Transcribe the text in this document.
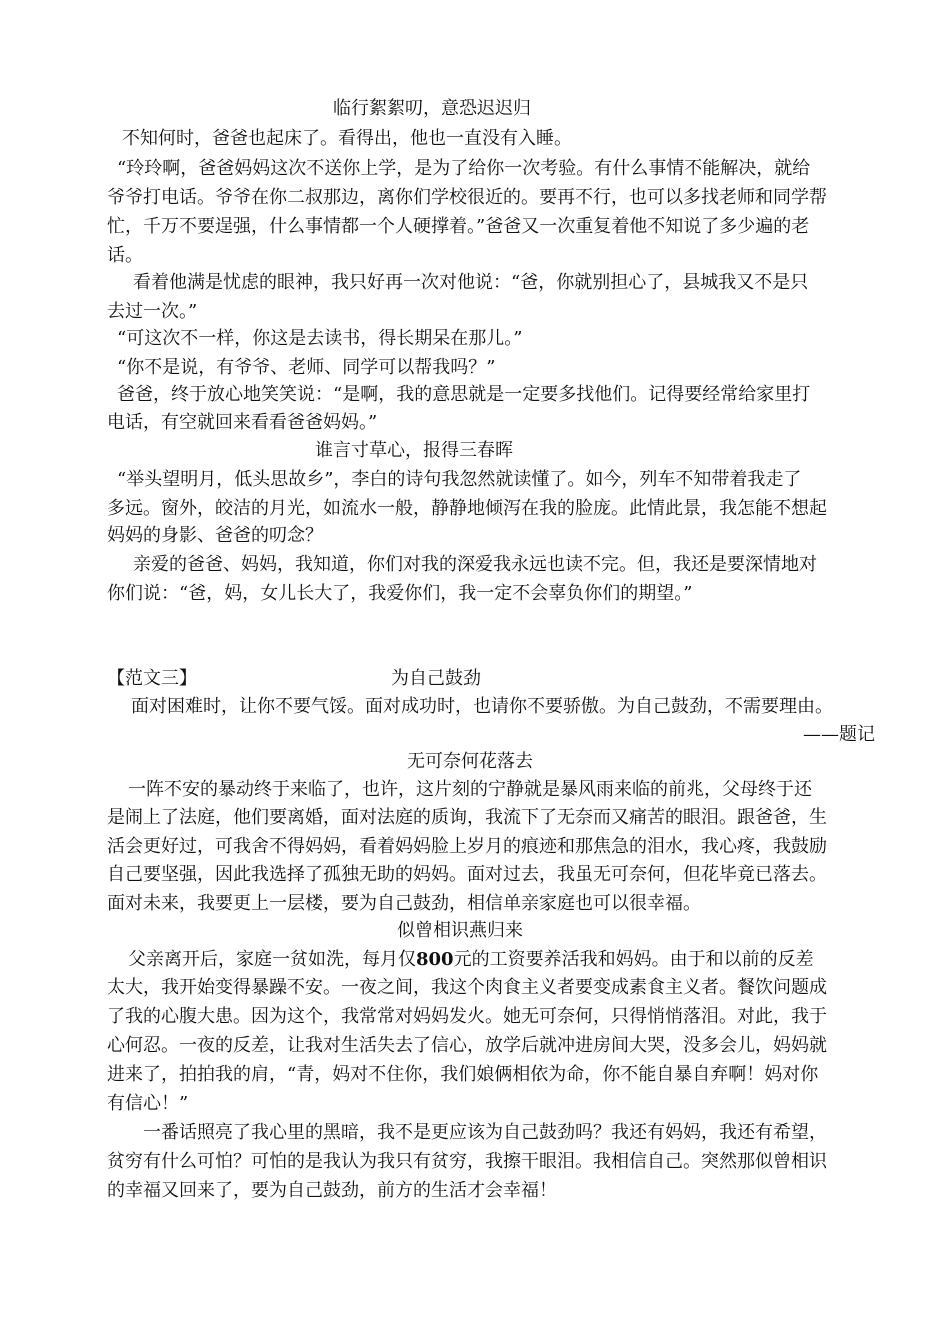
临行絮絮叨，意恐迟迟归
不知何时，爸爸也起床了。看得出，他也一直没有入睡。
“玲玲啊，爸爸妈妈这次不送你上学，是为了给你一次考验。有什么事情不能解决，就给
爷爷打电话。爷爷在你二叔那边，离你们学校很近的。要再不行，也可以多找老师和同学帮
忙，千万不要逞强，什么事情都一个人硬撑着。”爸爸又一次重复着他不知说了多少遍的老
话。
看着他满是忧虑的眼神，我只好再一次对他说：“爸，你就别担心了，县城我又不是只
去过一次。”
“可这次不一样，你这是去读书，得长期呆在那儿。”
“你不是说，有爷爷、老师、同学可以帮我吗？”
爸爸，终于放心地笑笑说：“是啊，我的意思就是一定要多找他们。记得要经常给家里打
电话，有空就回来看看爸爸妈妈。”
谁言寸草心，报得三春晖
“举头望明月，低头思故乡”，李白的诗句我忽然就读懂了。如今，列车不知带着我走了
多远。窗外，皎洁的月光，如流水一般，静静地倾泻在我的脸庞。此情此景，我怎能不想起
妈妈的身影、爸爸的叨念？
亲爱的爸爸、妈妈，我知道，你们对我的深爱我永远也读不完。但，我还是要深情地对
你们说：“爸，妈，女儿长大了，我爱你们，我一定不会辜负你们的期望。”
【范文三】	为自己鼓劲
面对困难时，让你不要气馁。面对成功时，也请你不要骄傲。为自己鼓劲，不需要理由。
——题记
无可奈何花落去
一阵不安的暴动终于来临了，也许，这片刻的宁静就是暴风雨来临的前兆，父母终于还
是闹上了法庭，他们要离婚，面对法庭的质询，我流下了无奈而又痛苦的眼泪。跟爸爸，生
活会更好过，可我舍不得妈妈，看着妈妈脸上岁月的痕迹和那焦急的泪水，我心疼，我鼓励
自己要坚强，因此我选择了孤独无助的妈妈。面对过去，我虽无可奈何，但花毕竟已落去。
面对未来，我要更上一层楼，要为自己鼓劲，相信单亲家庭也可以很幸福。
似曾相识燕归来
父亲离开后，家庭一贫如洗，每月仅800元的工资要养活我和妈妈。由于和以前的反差
太大，我开始变得暴躁不安。一夜之间，我这个肉食主义者要变成素食主义者。餐饮问题成
了我的心腹大患。因为这个，我常常对妈妈发火。她无可奈何，只得悄悄落泪。对此，我于
心何忍。一夜的反差，让我对生活失去了信心，放学后就冲进房间大哭，没多会儿，妈妈就
进来了，拍拍我的肩，“青，妈对不住你，我们娘俩相依为命，你不能自暴自弃啊！妈对你
有信心！”
一番话照亮了我心里的黑暗，我不是更应该为自己鼓劲吗？我还有妈妈，我还有希望，
贫穷有什么可怕？可怕的是我认为我只有贫穷，我擦干眼泪。我相信自己。突然那似曾相识
的幸福又回来了，要为自己鼓劲，前方的生活才会幸福！
